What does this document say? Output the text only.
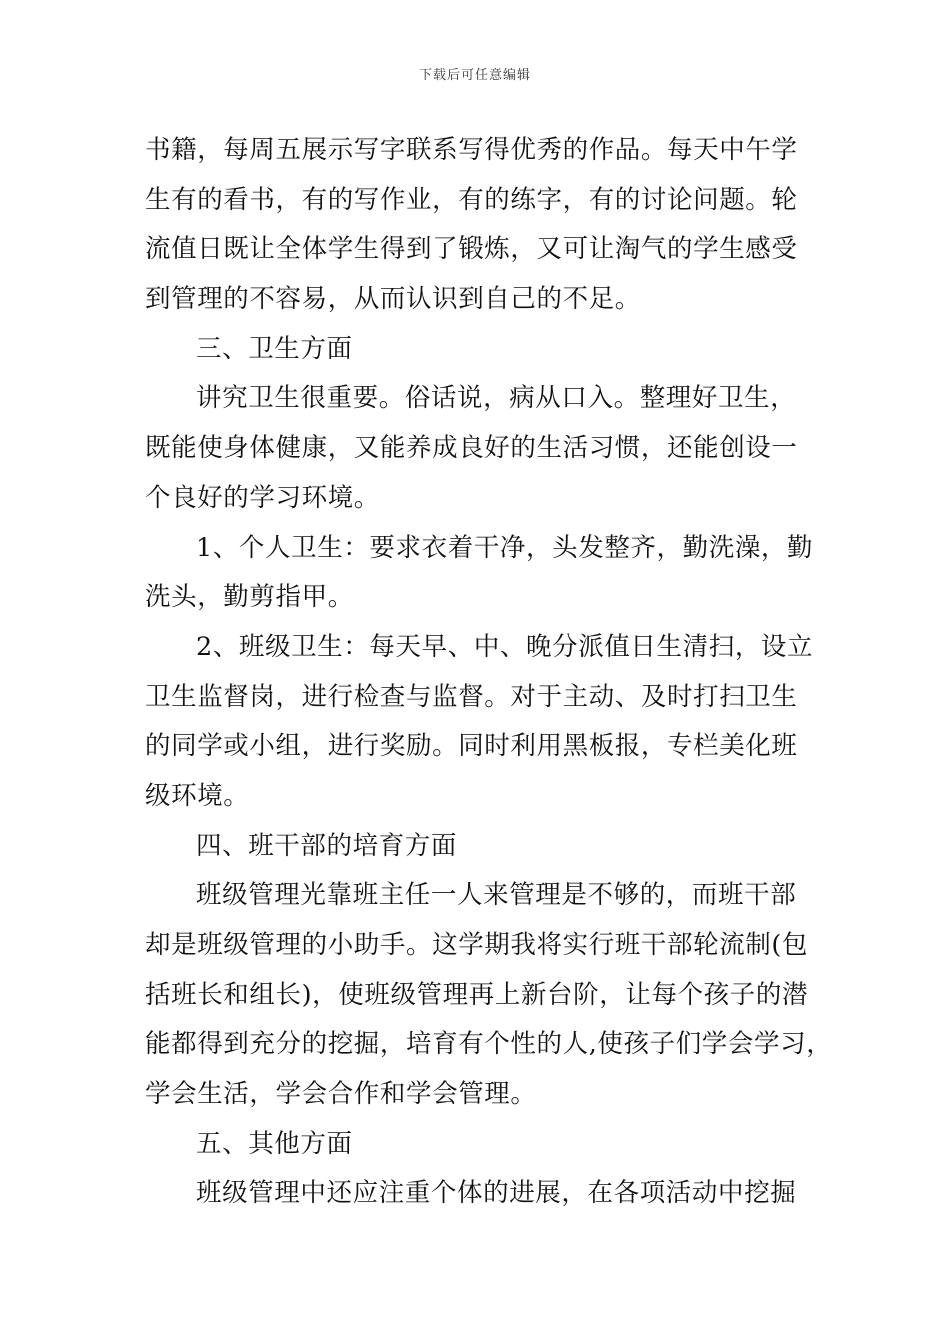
下载后可任意编辑
书籍，每周五展示写字联系写得优秀的作品。每天中午学
生有的看书，有的写作业，有的练字，有的讨论问题。轮
流值日既让全体学生得到了锻炼，又可让淘气的学生感受
到管理的不容易，从而认识到自己的不足。
三、卫生方面
讲究卫生很重要。俗话说，病从口入。整理好卫生，
既能使身体健康，又能养成良好的生活习惯，还能创设一
个良好的学习环境。
1、个人卫生：要求衣着干净，头发整齐，勤洗澡，勤
洗头，勤剪指甲。
2、班级卫生：每天早、中、晚分派值日生清扫，设立
卫生监督岗，进行检查与监督。对于主动、及时打扫卫生
的同学或小组，进行奖励。同时利用黑板报，专栏美化班
级环境。
四、班干部的培育方面
班级管理光靠班主任一人来管理是不够的，而班干部
却是班级管理的小助手。这学期我将实行班干部轮流制(包
括班长和组长)，使班级管理再上新台阶，让每个孩子的潜
能都得到充分的挖掘，培育有个性的人,使孩子们学会学习，
学会生活，学会合作和学会管理。
五、其他方面
班级管理中还应注重个体的进展，在各项活动中挖掘
